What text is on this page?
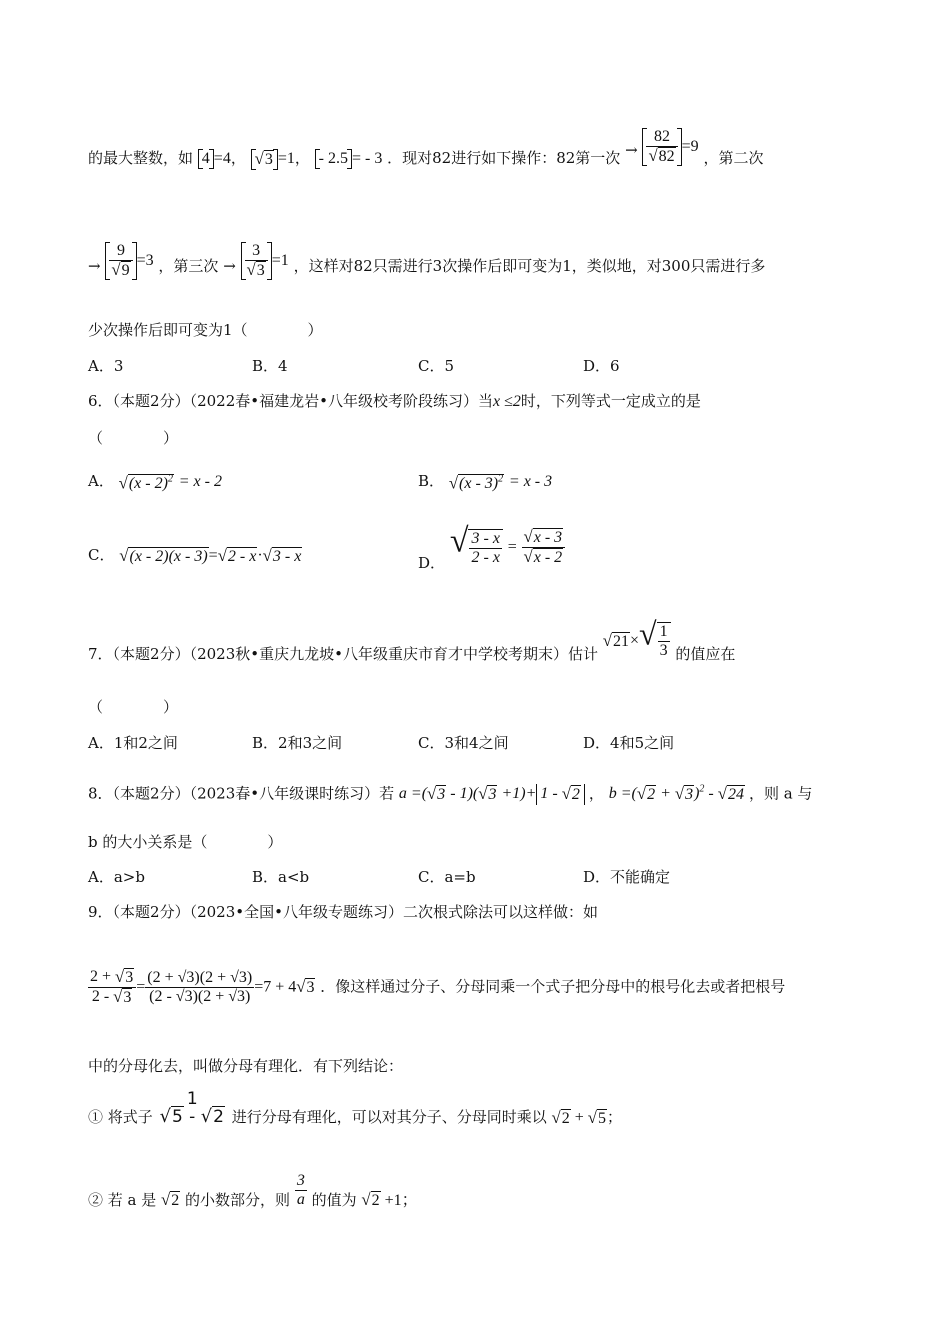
的最大整数，如 4 =4， √3 =1， - 2.5 = - 3 ．现对82进行如下操作：82第一次 → $\frac{82}{√82} =9$ ，第二次
→ $\frac{9}{√9} =3$ ，第三次 → $\frac{3}{√3} =1$ ，这样对82只需进行3次操作后即可变为1，类似地，对300只需进行多
少次操作后即可变为1（　　　　）
A．3	B．4	C．5	D．6
6．（本题2分）（2022春•福建龙岩•八年级校考阶段练习）当x ≤2时，下列等式一定成立的是
（　　　　）
A． √(x - 2)$^2$ = x - 2	B． √(x - 3)$^2$ = x - 3
C． √(x - 2)(x - 3)=√2 - x·√3 - x	D． √ $\frac{3 - x}{2 - x} = \frac{√x - 3}{√x - 2}$
7．（本题2分）（2023秋•重庆九龙坡•八年级重庆市育才中学校考期末）估计 $√21\times√ \frac{1}{3}$ 的值应在
（　　　　）
A．1和2之间	B．2和3之间	C．3和4之间	D．4和5之间
8．（本题2分）（2023春•八年级课时练习）若 a =(√3 - 1)(√3 +1)+ 1 - √2 ， $b =(√2 + √3)^2 - √24$ ，则 a 与
b 的大小关系是（　　　　）
A．a>b	B．a<b	C．a=b	D．不能确定
9．（本题2分）（2023•全国•八年级专题练习）二次根式除法可以这样做：如
$\frac{2 + √3}{2 - √3} = \frac{(2 + √3)(2 + √3)}{(2 - √3)(2 + √3)} =7 + 4√3$ ．像这样通过分子、分母同乘一个式子把分母中的根号化去或者把根号
中的分母化去，叫做分母有理化．有下列结论：
① 将式子
1
√5 - √2 进行分母有理化，可以对其分子、分母同时乘以 √2 + √5；
② 若 a 是 √2 的小数部分，则 $\frac{3}{a}$ 的值为 √2 +1；
